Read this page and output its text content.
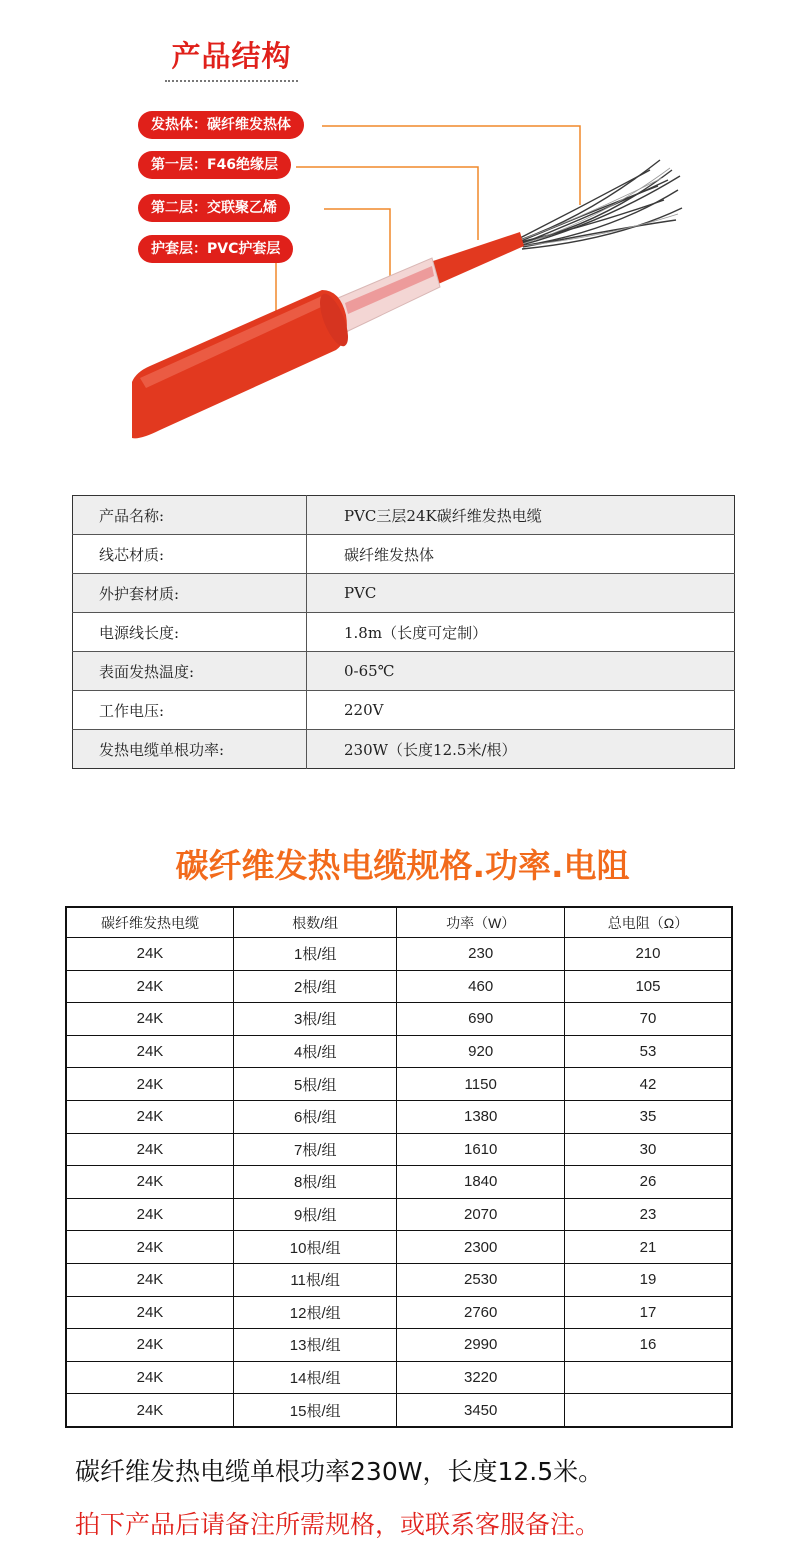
产品结构
发热体：碳纤维发热体
第一层：F46绝缘层
第二层：交联聚乙烯
护套层：PVC护套层
产品名称:	PVC三层24K碳纤维发热电缆
线芯材质:	碳纤维发热体
外护套材质:	PVC
电源线长度:	1.8m（长度可定制）
表面发热温度:	0-65℃
工作电压:	220V
发热电缆单根功率:	230W（长度12.5米/根）
碳纤维发热电缆规格.功率.电阻
碳纤维发热电缆	根数/组	功率（W）	总电阻（Ω）
24K	1根/组	230	210
24K	2根/组	460	105
24K	3根/组	690	70
24K	4根/组	920	53
24K	5根/组	1150	42
24K	6根/组	1380	35
24K	7根/组	1610	30
24K	8根/组	1840	26
24K	9根/组	2070	23
24K	10根/组	2300	21
24K	11根/组	2530	19
24K	12根/组	2760	17
24K	13根/组	2990	16
24K	14根/组	3220	
24K	15根/组	3450	
碳纤维发热电缆单根功率230W，长度12.5米。
拍下产品后请备注所需规格，或联系客服备注。
